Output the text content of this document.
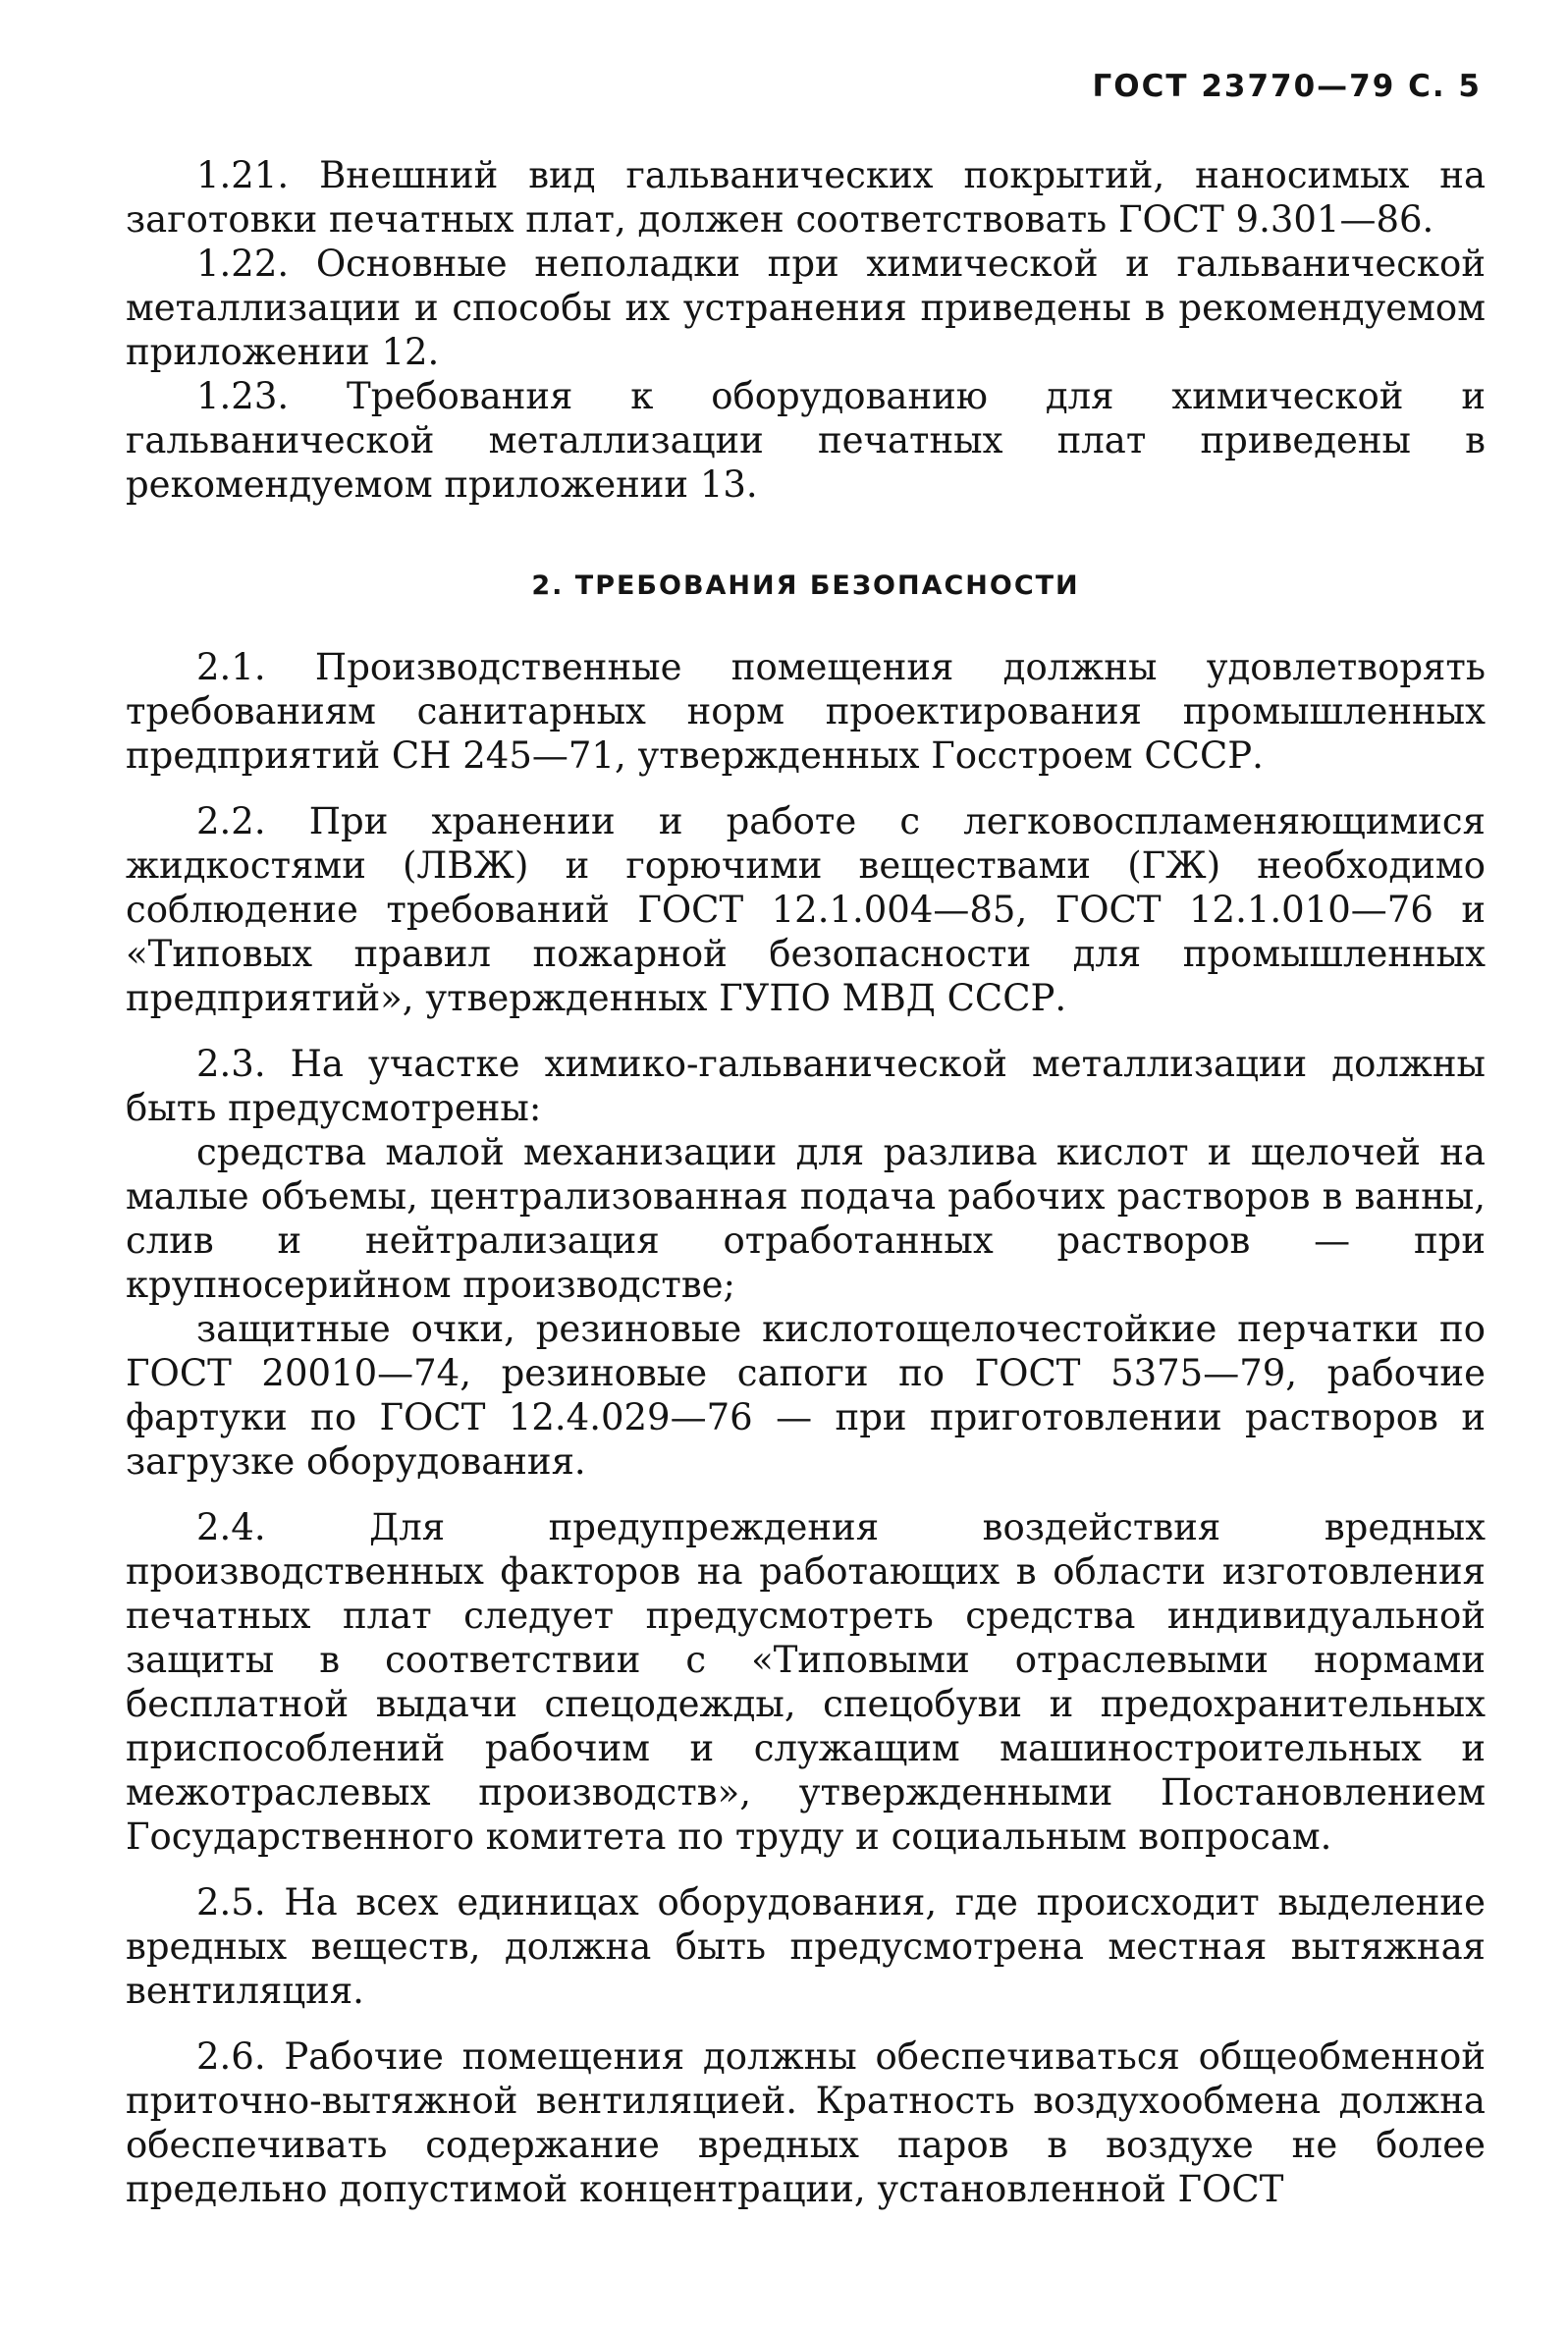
ГОСТ 23770—79 С. 5

1.21. Внешний вид гальванических покрытий, наносимых на заготовки печатных плат, должен соответствовать ГОСТ 9.301—86.

1.22. Основные неполадки при химической и гальванической металлизации и способы их устранения приведены в рекомендуемом приложении 12.

1.23. Требования к оборудованию для химической и гальванической металлизации печатных плат приведены в рекомендуемом приложении 13.

2. ТРЕБОВАНИЯ БЕЗОПАСНОСТИ

2.1. Производственные помещения должны удовлетворять требованиям санитарных норм проектирования промышленных предприятий СН 245—71, утвержденных Госстроем СССР.

2.2. При хранении и работе с легковоспламеняющимися жидкостями (ЛВЖ) и горючими веществами (ГЖ) необходимо соблюдение требований ГОСТ 12.1.004—85, ГОСТ 12.1.010—76 и «Типовых правил пожарной безопасности для промышленных предприятий», утвержденных ГУПО МВД СССР.

2.3. На участке химико-гальванической металлизации должны быть предусмотрены:

средства малой механизации для разлива кислот и щелочей на малые объемы, централизованная подача рабочих растворов в ванны, слив и нейтрализация отработанных растворов — при крупносерийном производстве;

защитные очки, резиновые кислотощелочестойкие перчатки по ГОСТ 20010—74, резиновые сапоги по ГОСТ 5375—79, рабочие фартуки по ГОСТ 12.4.029—76 — при приготовлении растворов и загрузке оборудования.

2.4. Для предупреждения воздействия вредных производственных факторов на работающих в области изготовления печатных плат следует предусмотреть средства индивидуальной защиты в соответствии с «Типовыми отраслевыми нормами бесплатной выдачи спецодежды, спецобуви и предохранительных приспособлений рабочим и служащим машиностроительных и межотраслевых производств», утвержденными Постановлением Государственного комитета по труду и социальным вопросам.

2.5. На всех единицах оборудования, где происходит выделение вредных веществ, должна быть предусмотрена местная вытяжная вентиляция.

2.6. Рабочие помещения должны обеспечиваться общеобменной приточно-вытяжной вентиляцией. Кратность воздухообмена должна обеспечивать содержание вредных паров в воздухе не более предельно допустимой концентрации, установленной ГОСТ
